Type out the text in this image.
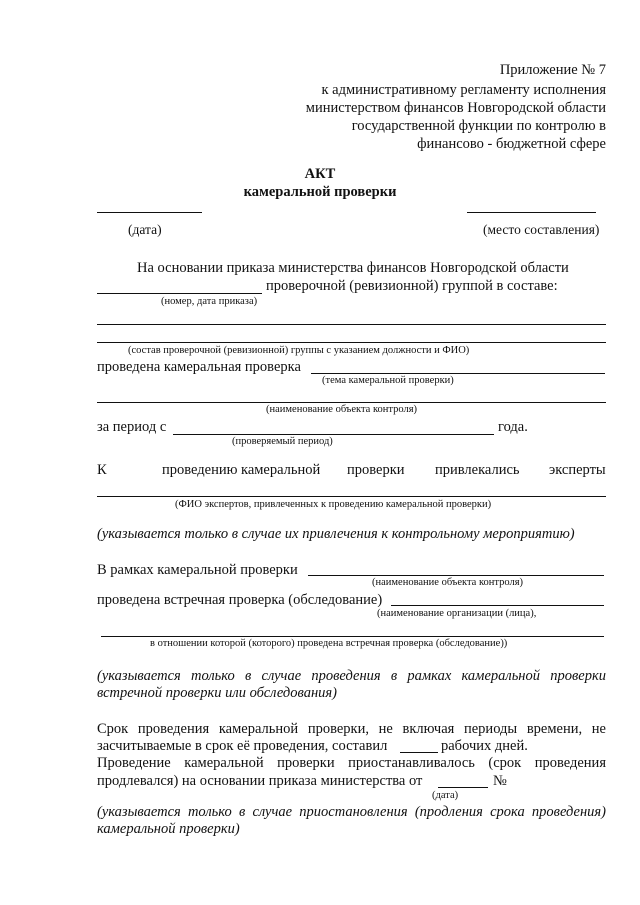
Приложение № 7
к административному регламенту исполнения
министерством финансов Новгородской области
государственной функции по контролю в
финансово - бюджетной сфере
АКТ
камеральной проверки
(дата)	(место составления)
На основании приказа министерства финансов Новгородской области
проверочной (ревизионной) группой в составе:
(номер, дата приказа)
(состав проверочной (ревизионной) группы с указанием должности и ФИО)
проведена камеральная проверка
(тема камеральной проверки)
(наименование объекта контроля)
за период с	года.
(проверяемый период)
К	проведению камеральной проверки привлекались эксперты
(ФИО экспертов, привлеченных к проведению камеральной проверки)
(указывается только в случае их привлечения к контрольному мероприятию)
В рамках камеральной проверки
(наименование объекта контроля)
проведена встречная проверка (обследование)
(наименование организации (лица),
в отношении которой (которого) проведена встречная проверка (обследование))
(указывается только в случае проведения в рамках камеральной проверки
встречной проверки или обследования)
Срок проведения камеральной проверки, не включая периоды времени, не
засчитываемые в срок её проведения, составил	рабочих дней.
Проведение камеральной проверки приостанавливалось (срок проведения
продлевался) на основании приказа министерства от	№
(дата)
(указывается только в случае приостановления (продления срока проведения)
камеральной проверки)
